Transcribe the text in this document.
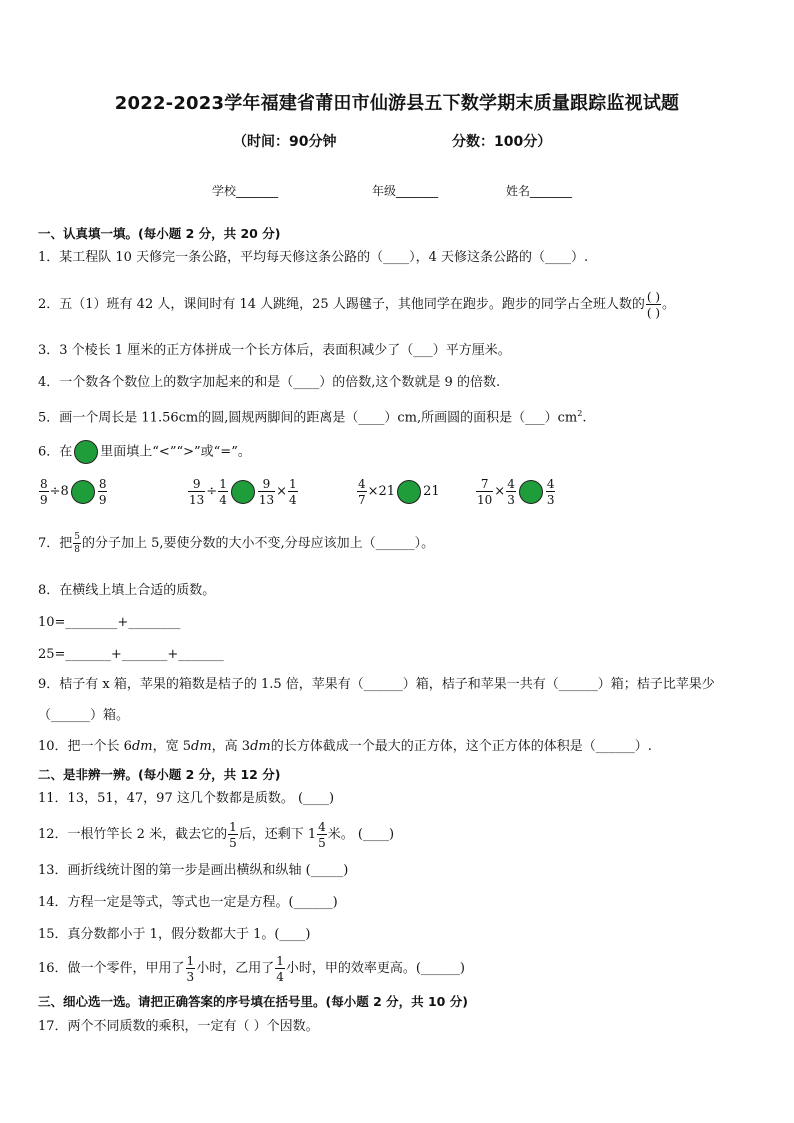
2022-2023学年福建省莆田市仙游县五下数学期末质量跟踪监视试题
（时间：90分钟	分数：100分）
学校_______	年级_______	姓名_______
一、认真填一填。(每小题 2 分，共 20 分)
1．某工程队 10 天修完一条公路，平均每天修这条公路的（____），4 天修这条公路的（____）.
2．五（1）班有 42 人，课间时有 14 人跳绳，25 人踢毽子，其他同学在跑步。跑步的同学占全班人数的 $\frac{( )}{( )}$ 。
3．3 个棱长 1 厘米的正方体拼成一个长方体后，表面积减少了（___）平方厘米。
4．一个数各个数位上的数字加起来的和是（____）的倍数,这个数就是 9 的倍数.
5．画一个周长是 11.56cm的圆,圆规两脚间的距离是（____）cm,所画圆的面积是$(\_\_\_)cm^2$.
6．在 里面填上“<”“>”或“=”。
$\frac{8}{9} \div 8 \frac{8}{9}$	$\frac{9}{13} \div \frac{1}{4}$	$\frac{9}{13} \times \frac{1}{4}$	$\frac{4}{7} \times 21$ 21	$\frac{7}{10} \times \frac{4}{3}$	$\frac{4}{3}$
7．把 $\frac{5}{8}$ 的分子加上 5,要使分数的大小不变,分母应该加上（______）。
8．在横线上填上合适的质数。
10=________+________
25=_______+_______+_______
9．桔子有 x 箱，苹果的箱数是桔子的 1.5 倍，苹果有（______）箱，桔子和苹果一共有（______）箱；桔子比苹果少
（______）箱。
10．把一个长 6dm，宽 5dm，高 3dm的长方体截成一个最大的正方体，这个正方体的体积是（______）.
二、是非辨一辨。(每小题 2 分，共 12 分)
11．13，51，47，97 这几个数都是质数。 (____)
12．一根竹竿长 2 米，截去它的 $\frac{1}{5}$ 后，还剩下 $1 \frac{4}{5}$ 米。 (____)
13．画折线统计图的第一步是画出横纵和纵轴 (_____)
14．方程一定是等式，等式也一定是方程。(______)
15．真分数都小于 1，假分数都大于 1。(____)
16．做一个零件，甲用了 $\frac{1}{3}$ 小时，乙用了 $\frac{1}{4}$ 小时，甲的效率更高。(______)
三、细心选一选。请把正确答案的序号填在括号里。(每小题 2 分，共 10 分)
17．两个不同质数的乘积，一定有（ ）个因数。
